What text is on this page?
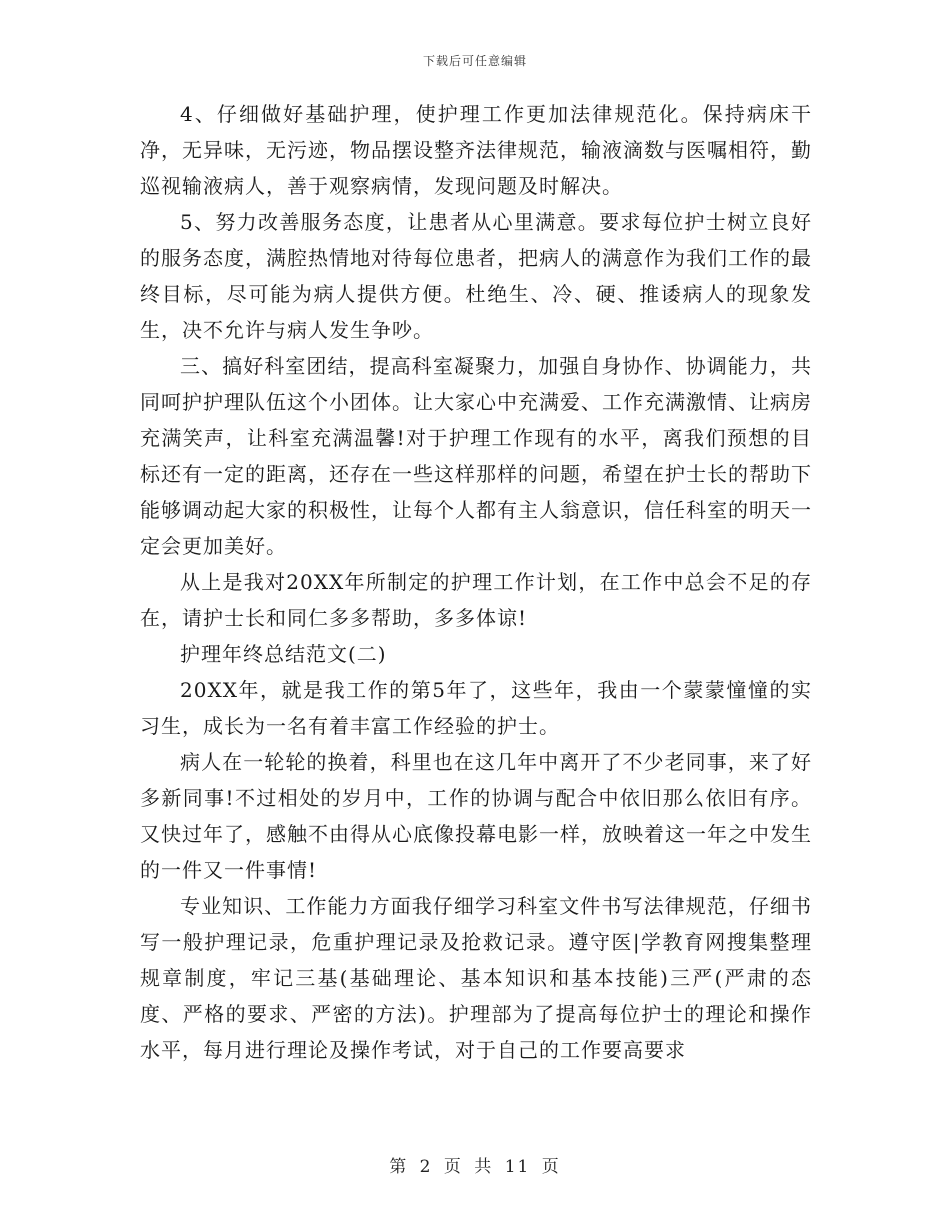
下载后可任意编辑

4、仔细做好基础护理，使护理工作更加法律规范化。保持病床干净，无异味，无污迹，物品摆设整齐法律规范，输液滴数与医嘱相符，勤巡视输液病人，善于观察病情，发现问题及时解决。

5、努力改善服务态度，让患者从心里满意。要求每位护士树立良好的服务态度，满腔热情地对待每位患者，把病人的满意作为我们工作的最终目标，尽可能为病人提供方便。杜绝生、冷、硬、推诿病人的现象发生，决不允许与病人发生争吵。

三、搞好科室团结，提高科室凝聚力，加强自身协作、协调能力，共同呵护护理队伍这个小团体。让大家心中充满爱、工作充满激情、让病房充满笑声，让科室充满温馨!对于护理工作现有的水平，离我们预想的目标还有一定的距离，还存在一些这样那样的问题，希望在护士长的帮助下能够调动起大家的积极性，让每个人都有主人翁意识，信任科室的明天一定会更加美好。

从上是我对20XX年所制定的护理工作计划，在工作中总会不足的存在，请护士长和同仁多多帮助，多多体谅!

护理年终总结范文(二)

20XX年，就是我工作的第5年了，这些年，我由一个蒙蒙憧憧的实习生，成长为一名有着丰富工作经验的护士。

病人在一轮轮的换着，科里也在这几年中离开了不少老同事，来了好多新同事!不过相处的岁月中，工作的协调与配合中依旧那么依旧有序。又快过年了，感触不由得从心底像投幕电影一样，放映着这一年之中发生的一件又一件事情!

专业知识、工作能力方面我仔细学习科室文件书写法律规范，仔细书写一般护理记录，危重护理记录及抢救记录。遵守医|学教育网搜集整理规章制度，牢记三基(基础理论、基本知识和基本技能)三严(严肃的态度、严格的要求、严密的方法)。护理部为了提高每位护士的理论和操作水平，每月进行理论及操作考试，对于自己的工作要高要求

第 2 页 共 11 页
